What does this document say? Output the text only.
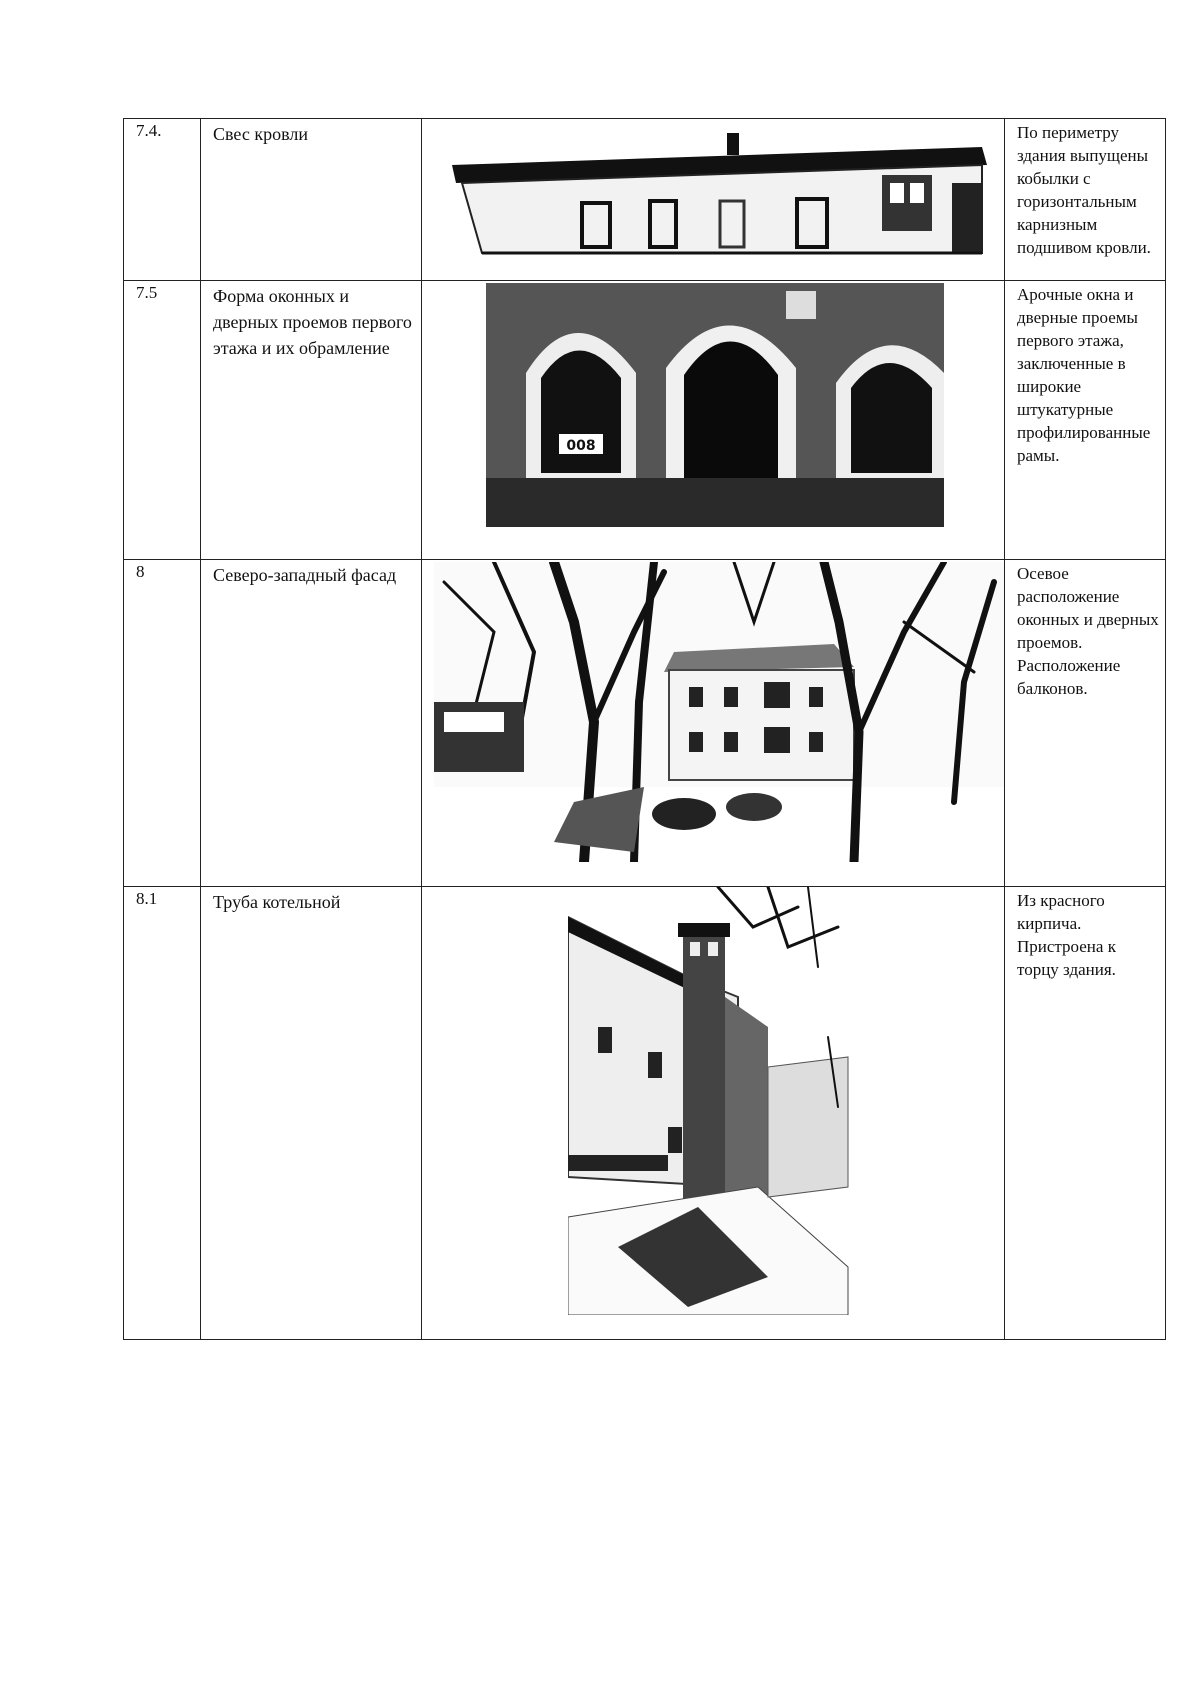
7.4.	Свес кровли		По периметру здания выпущены кобылки с горизонтальным карнизным подшивом кровли.
7.5	Форма оконных и дверных проемов первого этажа и их обрамление	008	Арочные окна и дверные проемы первого этажа, заключенные в широкие штукатурные профилированные рамы.
8	Северо-западный фасад		Осевое расположение оконных и дверных проемов. Расположение балконов.
8.1	Труба котельной		Из красного кирпича. Пристроена к торцу здания.
